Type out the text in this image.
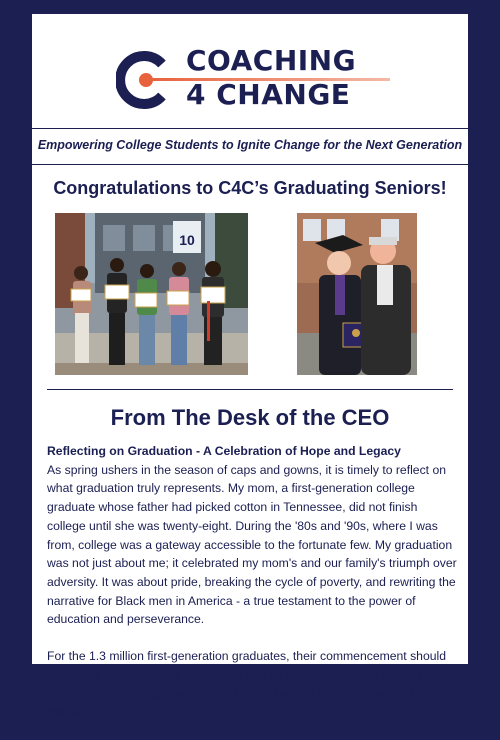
COACHING
4 CHANGE
Empowering College Students to Ignite Change for the Next Generation
Congratulations to C4C’s Graduating Seniors!
10
From The Desk of the CEO
Reflecting on Graduation - A Celebration of Hope and Legacy

As spring ushers in the season of caps and gowns, it is timely to reflect on what graduation truly represents. My mom, a first-generation college graduate whose father had picked cotton in Tennessee, did not finish college until she was twenty-eight. During the '80s and '90s, where I was from, college was a gateway accessible to the fortunate few. My graduation was not just about me; it celebrated my mom's and our family's triumph over adversity. It was about pride, breaking the cycle of poverty, and rewriting the narrative for Black men in America - a true testament to the power of education and perseverance.

For the 1.3 million first-generation graduates, their commencement should symbolize a monumental victory, not just for them but for their families too. Yet, beneath these graduation caps lies a layer of concern. Students graduate
